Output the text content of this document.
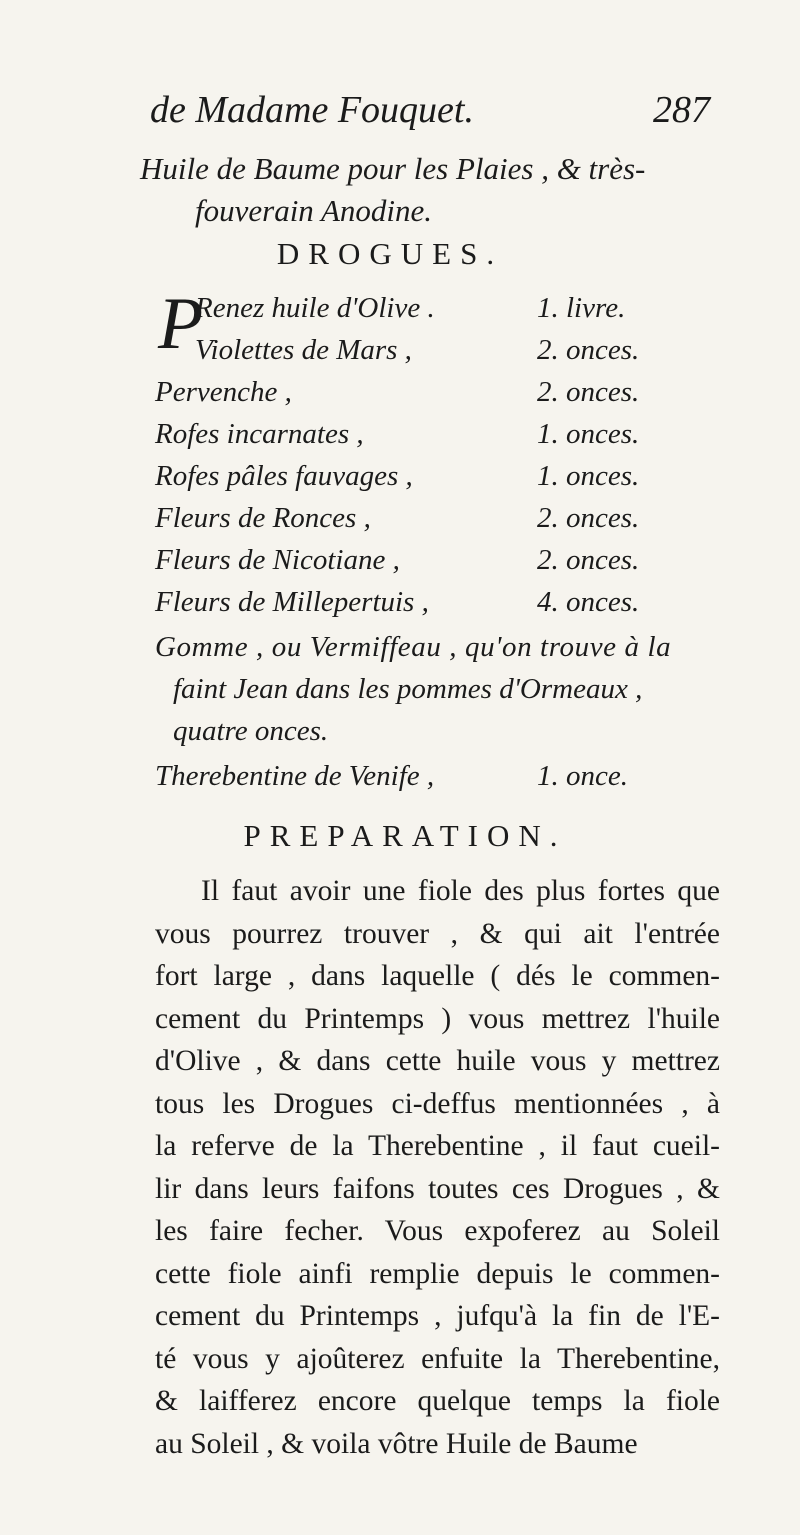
de Madame Fouquet.	287
Huile de Baume pour les Plaies , & très-
fouverain Anodine.
DROGUES.
P
Renez huile d'Olive .	1. livre.
Violettes de Mars ,	2. onces.
Pervenche ,	2. onces.
Rofes incarnates ,	1. onces.
Rofes pâles fauvages ,	1. onces.
Fleurs de Ronces ,	2. onces.
Fleurs de Nicotiane ,	2. onces.
Fleurs de Millepertuis ,	4. onces.
Gomme , ou Vermiffeau , qu'on trouve à la
faint Jean dans les pommes d'Ormeaux ,
quatre onces.
Therebentine de Venife ,	1. once.
PREPARATION.
Il faut avoir une fiole des plus fortes que
vous pourrez trouver , & qui ait l'entrée
fort large , dans laquelle ( dés le commen-
cement du Printemps ) vous mettrez l'huile
d'Olive , & dans cette huile vous y mettrez
tous les Drogues ci-deffus mentionnées , à
la referve de la Therebentine , il faut cueil-
lir dans leurs faifons toutes ces Drogues , &
les faire fecher. Vous expoferez au Soleil
cette fiole ainfi remplie depuis le commen-
cement du Printemps , jufqu'à la fin de l'E-
té vous y ajoûterez enfuite la Therebentine,
& laifferez encore quelque temps la fiole
au Soleil , & voila vôtre Huile de Baume
